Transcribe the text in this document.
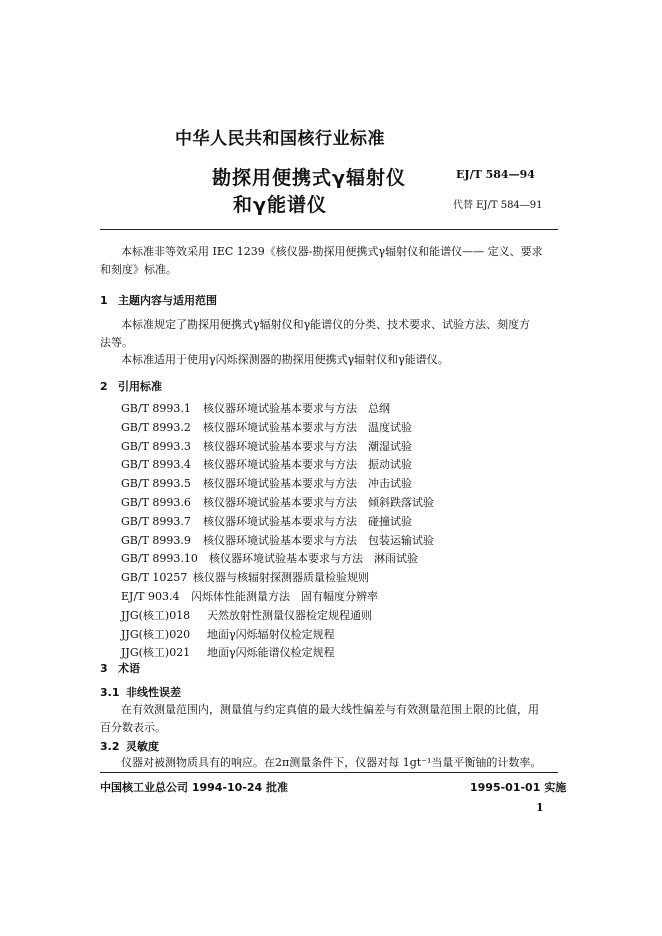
中华人民共和国核行业标准
勘探用便携式γ辐射仪
和γ能谱仪
EJ/T 584—94
代替 EJ/T 584—91
本标准非等效采用 IEC 1239《核仪器-勘探用便携式γ辐射仪和能谱仪—— 定义、要求
和刻度》标准。
1 主题内容与适用范围
本标准规定了勘探用便携式γ辐射仪和γ能谱仪的分类、技术要求、试验方法、刻度方
法等。
本标准适用于使用γ闪烁探测器的勘探用便携式γ辐射仪和γ能谱仪。
2 引用标准
GB/T 8993.1 核仪器环境试验基本要求与方法　总纲
GB/T 8993.2 核仪器环境试验基本要求与方法　温度试验
GB/T 8993.3 核仪器环境试验基本要求与方法　潮湿试验
GB/T 8993.4 核仪器环境试验基本要求与方法　振动试验
GB/T 8993.5 核仪器环境试验基本要求与方法　冲击试验
GB/T 8993.6 核仪器环境试验基本要求与方法　倾斜跌落试验
GB/T 8993.7 核仪器环境试验基本要求与方法　碰撞试验
GB/T 8993.9 核仪器环境试验基本要求与方法　包装运输试验
GB/T 8993.10 核仪器环境试验基本要求与方法　淋雨试验
GB/T 10257 核仪器与核辐射探测器质量检验规则
EJ/T 903.4 闪烁体性能测量方法　固有幅度分辨率
JJG(核工)018 天然放射性测量仪器检定规程通则
JJG(核工)020 地面γ闪烁辐射仪检定规程
JJG(核工)021 地面γ闪烁能谱仪检定规程
3 术语
3.1 非线性误差
在有效测量范围内，测量值与约定真值的最大线性偏差与有效测量范围上限的比值，用
百分数表示。
3.2 灵敏度
仪器对被测物质具有的响应。在2π测量条件下，仪器对每 1gt⁻¹当量平衡铀的计数率。
中国核工业总公司 1994-10-24 批准	1995-01-01 实施
1
